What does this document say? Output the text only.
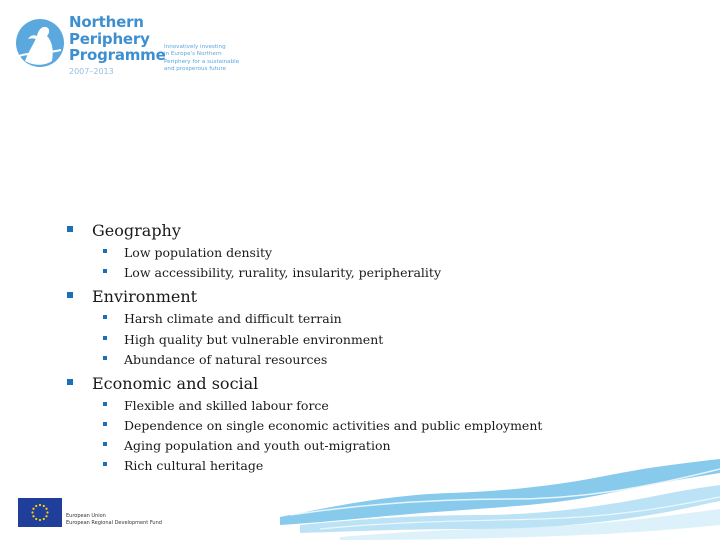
Northern
Periphery
Programme
2007–2013
Innovatively investing
in Europe's Northern
Periphery for a sustainable
and prosperous future
Geography
Low population density
Low accessibility, rurality, insularity, peripherality
Environment
Harsh climate and difficult terrain
High quality but vulnerable environment
Abundance of natural resources
Economic and social
Flexible and skilled labour force
Dependence on single economic activities and public employment
Aging population and youth out-migration
Rich cultural heritage
European Union
European Regional Development Fund
